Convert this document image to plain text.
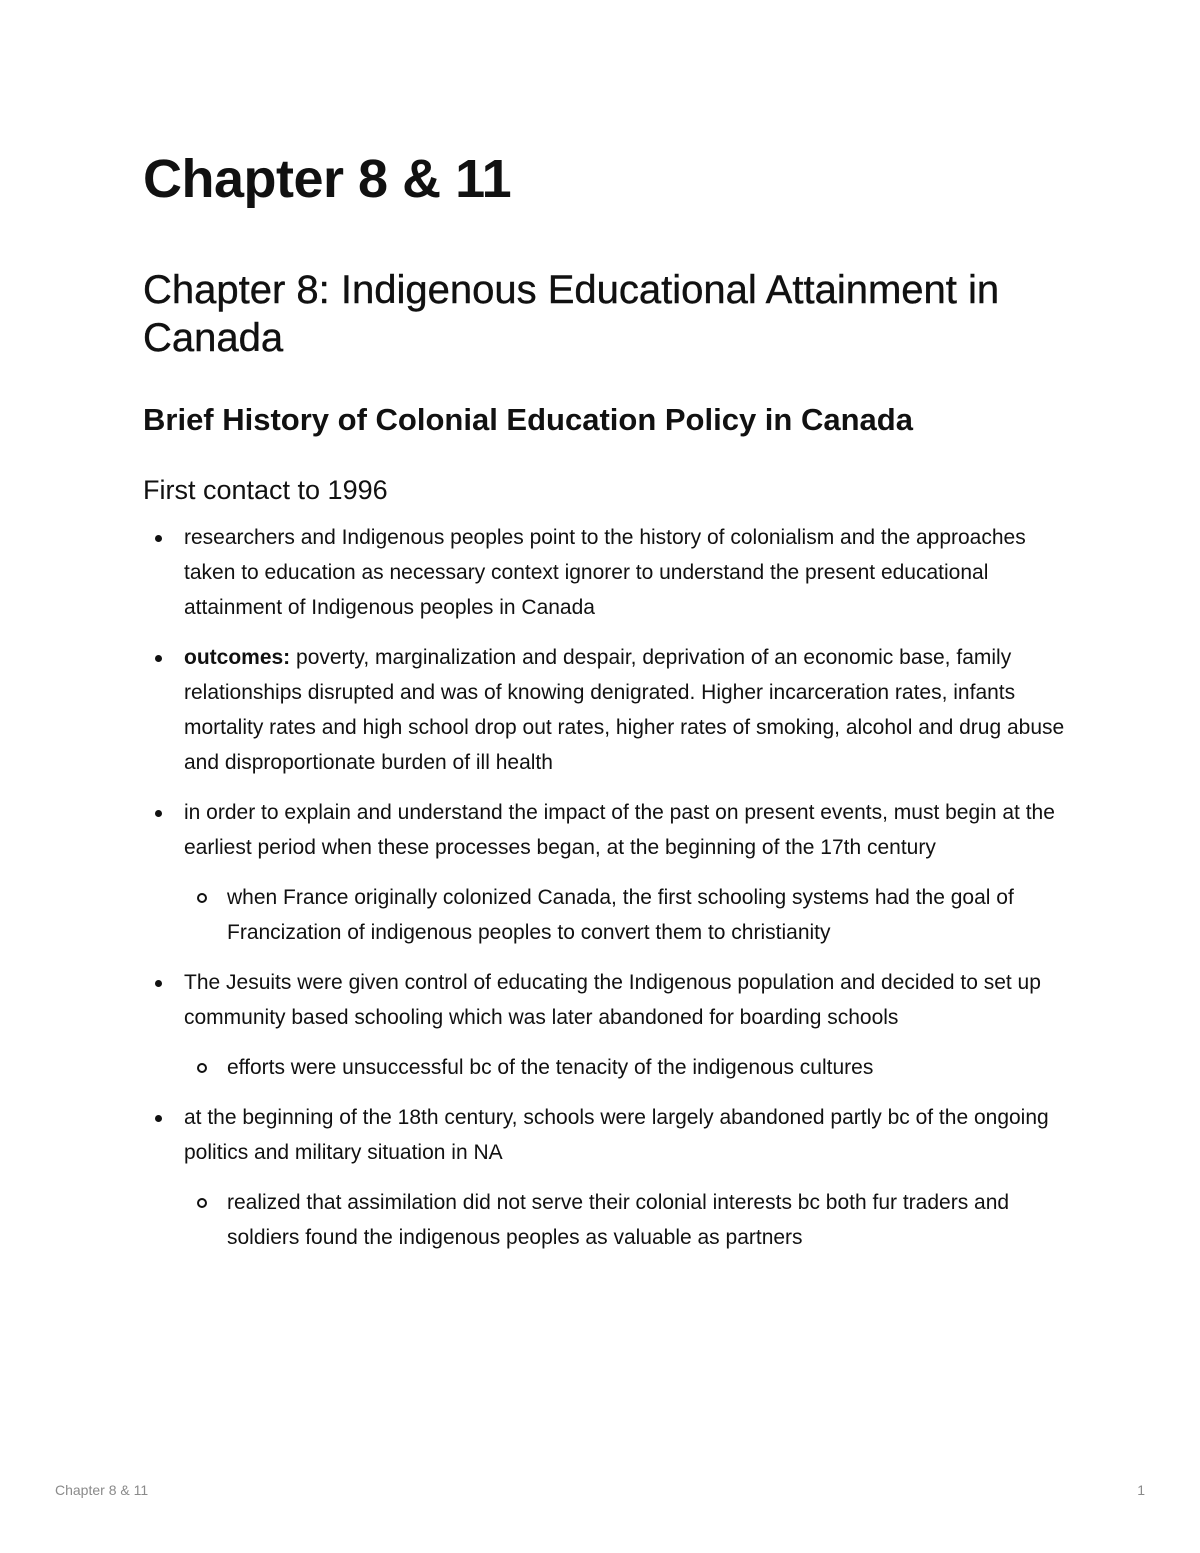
Chapter 8 & 11
Chapter 8: Indigenous Educational Attainment in Canada
Brief History of Colonial Education Policy in Canada
First contact to 1996
researchers and Indigenous peoples point to the history of colonialism and the approaches taken to education as necessary context ignorer to understand the present educational attainment of Indigenous peoples in Canada
outcomes: poverty, marginalization and despair, deprivation of an economic base, family relationships disrupted and was of knowing denigrated. Higher incarceration rates, infants mortality rates and high school drop out rates, higher rates of smoking, alcohol and drug abuse and disproportionate burden of ill health
in order to explain and understand the impact of the past on present events, must begin at the earliest period when these processes began, at the beginning of the 17th century
when France originally colonized Canada, the first schooling systems had the goal of Francization of indigenous peoples to convert them to christianity
The Jesuits were given control of educating the Indigenous population and decided to set up community based schooling which was later abandoned for boarding schools
efforts were unsuccessful bc of the tenacity of the indigenous cultures
at the beginning of the 18th century, schools were largely abandoned partly bc of the ongoing politics and military situation in NA
realized that assimilation did not serve their colonial interests bc both fur traders and soldiers found the indigenous peoples as valuable as partners
Chapter 8 & 11	1
